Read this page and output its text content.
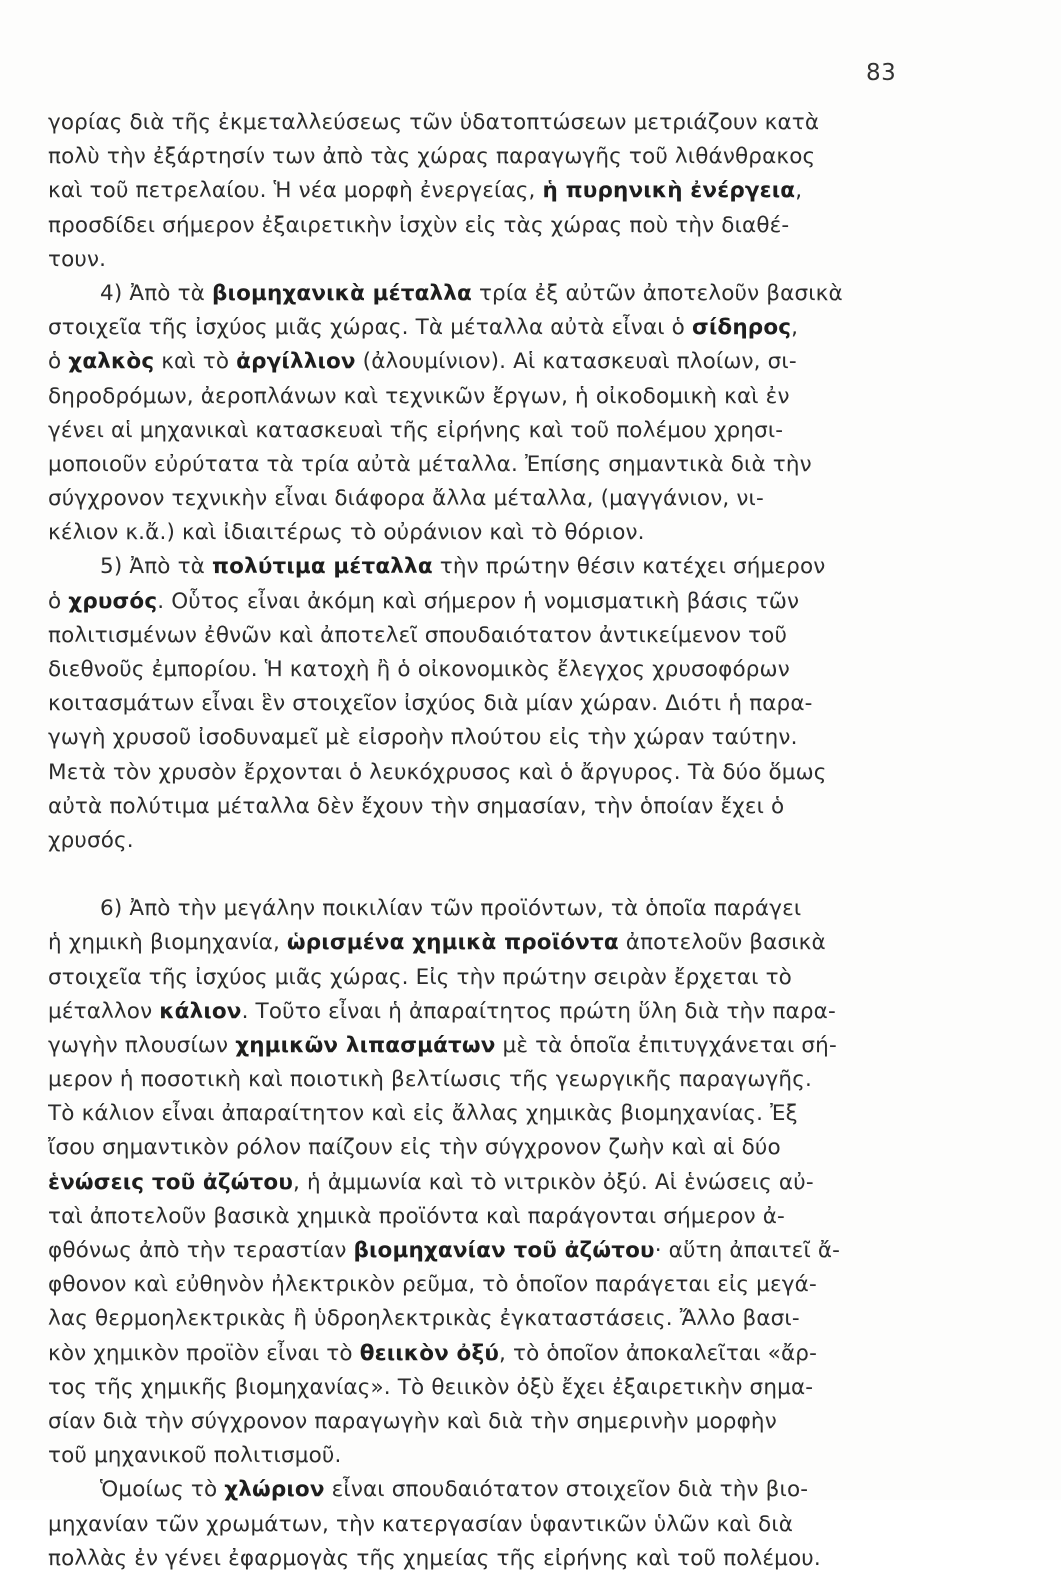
83
γορίας διὰ τῆς ἐκμεταλλεύσεως τῶν ὑδατοπτώσεων μετριάζουν κατὰ
πολὺ τὴν ἐξάρτησίν των ἀπὸ τὰς χώρας παραγωγῆς τοῦ λιθάνθρακος
καὶ τοῦ πετρελαίου. Ἡ νέα μορφὴ ἐνεργείας, ἡ πυρηνικὴ ἐνέργεια,
προσδίδει σήμερον ἐξαιρετικὴν ἰσχὺν εἰς τὰς χώρας ποὺ τὴν διαθέ-
τουν.
4) Ἀπὸ τὰ βιομηχανικὰ μέταλλα τρία ἐξ αὐτῶν ἀποτελοῦν βασικὰ
στοιχεῖα τῆς ἰσχύος μιᾶς χώρας. Τὰ μέταλλα αὐτὰ εἶναι ὁ σίδηρος,
ὁ χαλκὸς καὶ τὸ ἀργίλλιον (ἀλουμίνιον). Αἱ κατασκευαὶ πλοίων, σι-
δηροδρόμων, ἀεροπλάνων καὶ τεχνικῶν ἔργων, ἡ οἰκοδομικὴ καὶ ἐν
γένει αἱ μηχανικαὶ κατασκευαὶ τῆς εἰρήνης καὶ τοῦ πολέμου χρησι-
μοποιοῦν εὐρύτατα τὰ τρία αὐτὰ μέταλλα. Ἐπίσης σημαντικὰ διὰ τὴν
σύγχρονον τεχνικὴν εἶναι διάφορα ἄλλα μέταλλα, (μαγγάνιον, νι-
κέλιον κ.ἄ.) καὶ ἰδιαιτέρως τὸ οὐράνιον καὶ τὸ θόριον.
5) Ἀπὸ τὰ πολύτιμα μέταλλα τὴν πρώτην θέσιν κατέχει σήμερον
ὁ χρυσός. Οὗτος εἶναι ἀκόμη καὶ σήμερον ἡ νομισματικὴ βάσις τῶν
πολιτισμένων ἐθνῶν καὶ ἀποτελεῖ σπουδαιότατον ἀντικείμενον τοῦ
διεθνοῦς ἐμπορίου. Ἡ κατοχὴ ἢ ὁ οἰκονομικὸς ἔλεγχος χρυσοφόρων
κοιτασμάτων εἶναι ἓν στοιχεῖον ἰσχύος διὰ μίαν χώραν. Διότι ἡ παρα-
γωγὴ χρυσοῦ ἰσοδυναμεῖ μὲ εἰσροὴν πλούτου εἰς τὴν χώραν ταύτην.
Μετὰ τὸν χρυσὸν ἔρχονται ὁ λευκόχρυσος καὶ ὁ ἄργυρος. Τὰ δύο ὅμως
αὐτὰ πολύτιμα μέταλλα δὲν ἔχουν τὴν σημασίαν, τὴν ὁποίαν ἔχει ὁ
χρυσός.
6) Ἀπὸ τὴν μεγάλην ποικιλίαν τῶν προϊόντων, τὰ ὁποῖα παράγει
ἡ χημικὴ βιομηχανία, ὡρισμένα χημικὰ προϊόντα ἀποτελοῦν βασικὰ
στοιχεῖα τῆς ἰσχύος μιᾶς χώρας. Εἰς τὴν πρώτην σειρὰν ἔρχεται τὸ
μέταλλον κάλιον. Τοῦτο εἶναι ἡ ἀπαραίτητος πρώτη ὕλη διὰ τὴν παρα-
γωγὴν πλουσίων χημικῶν λιπασμάτων μὲ τὰ ὁποῖα ἐπιτυγχάνεται σή-
μερον ἡ ποσοτικὴ καὶ ποιοτικὴ βελτίωσις τῆς γεωργικῆς παραγωγῆς.
Τὸ κάλιον εἶναι ἀπαραίτητον καὶ εἰς ἄλλας χημικὰς βιομηχανίας. Ἐξ
ἴσου σημαντικὸν ρόλον παίζουν εἰς τὴν σύγχρονον ζωὴν καὶ αἱ δύο
ἑνώσεις τοῦ ἀζώτου, ἡ ἀμμωνία καὶ τὸ νιτρικὸν ὀξύ. Αἱ ἑνώσεις αὐ-
ταὶ ἀποτελοῦν βασικὰ χημικὰ προϊόντα καὶ παράγονται σήμερον ἀ-
φθόνως ἀπὸ τὴν τεραστίαν βιομηχανίαν τοῦ ἀζώτου· αὕτη ἀπαιτεῖ ἄ-
φθονον καὶ εὐθηνὸν ἠλεκτρικὸν ρεῦμα, τὸ ὁποῖον παράγεται εἰς μεγά-
λας θερμοηλεκτρικὰς ἢ ὑδροηλεκτρικὰς ἐγκαταστάσεις. Ἄλλο βασι-
κὸν χημικὸν προϊὸν εἶναι τὸ θειικὸν ὀξύ, τὸ ὁποῖον ἀποκαλεῖται «ἄρ-
τος τῆς χημικῆς βιομηχανίας». Τὸ θειικὸν ὀξὺ ἔχει ἐξαιρετικὴν σημα-
σίαν διὰ τὴν σύγχρονον παραγωγὴν καὶ διὰ τὴν σημερινὴν μορφὴν
τοῦ μηχανικοῦ πολιτισμοῦ.
Ὁμοίως τὸ χλώριον εἶναι σπουδαιότατον στοιχεῖον διὰ τὴν βιο-
μηχανίαν τῶν χρωμάτων, τὴν κατεργασίαν ὑφαντικῶν ὑλῶν καὶ διὰ
πολλὰς ἐν γένει ἐφαρμογὰς τῆς χημείας τῆς εἰρήνης καὶ τοῦ πολέμου.
